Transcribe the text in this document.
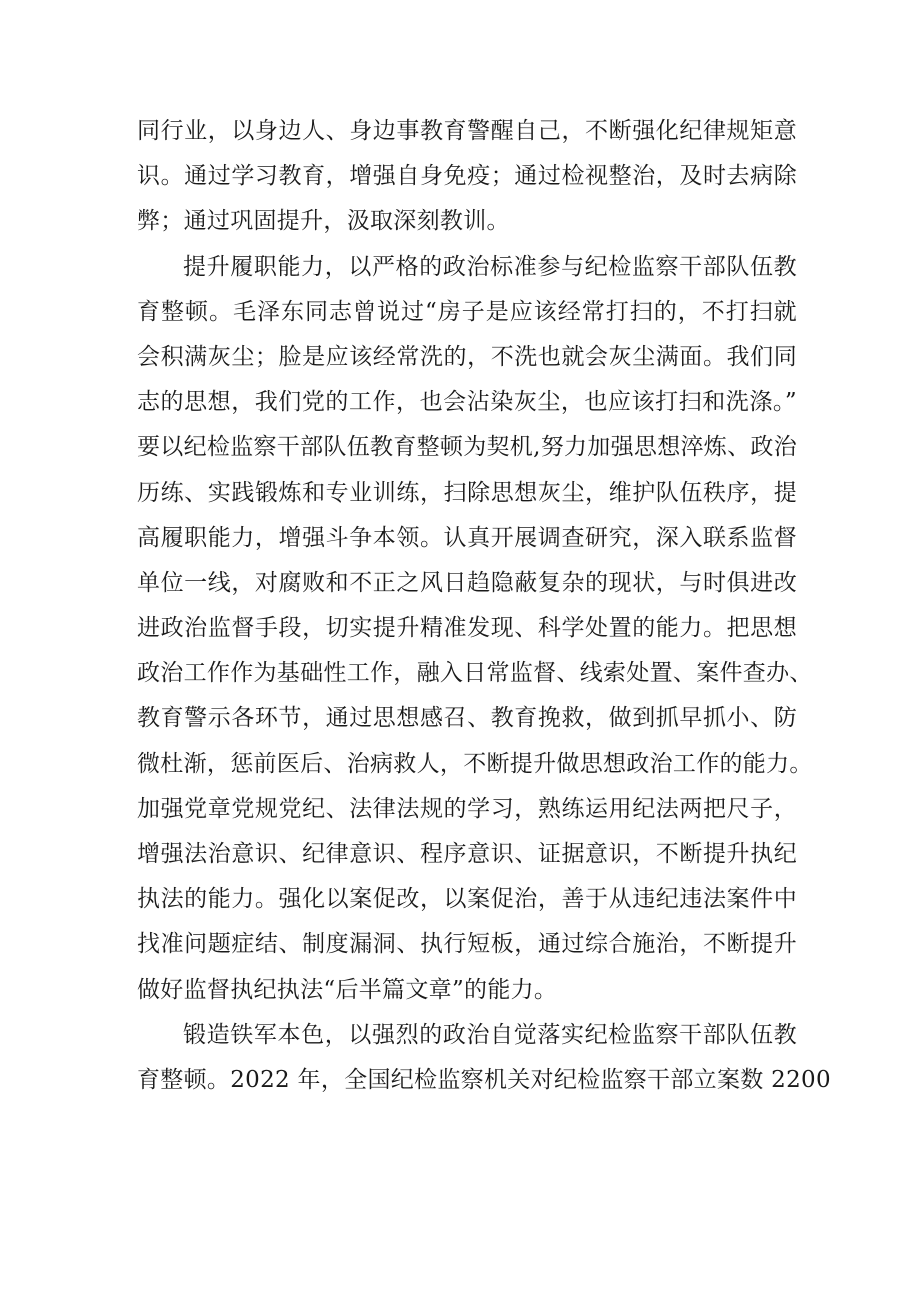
同行业，以身边人、身边事教育警醒自己，不断强化纪律规矩意
识。通过学习教育，增强自身免疫；通过检视整治，及时去病除
弊；通过巩固提升，汲取深刻教训。
提升履职能力，以严格的政治标准参与纪检监察干部队伍教
育整顿。毛泽东同志曾说过“房子是应该经常打扫的，不打扫就
会积满灰尘；脸是应该经常洗的，不洗也就会灰尘满面。我们同
志的思想，我们党的工作，也会沾染灰尘，也应该打扫和洗涤。”
要以纪检监察干部队伍教育整顿为契机,努力加强思想淬炼、政治
历练、实践锻炼和专业训练，扫除思想灰尘，维护队伍秩序，提
高履职能力，增强斗争本领。认真开展调查研究，深入联系监督
单位一线，对腐败和不正之风日趋隐蔽复杂的现状，与时俱进改
进政治监督手段，切实提升精准发现、科学处置的能力。把思想
政治工作作为基础性工作，融入日常监督、线索处置、案件查办、
教育警示各环节，通过思想感召、教育挽救，做到抓早抓小、防
微杜渐，惩前医后、治病救人，不断提升做思想政治工作的能力。
加强党章党规党纪、法律法规的学习，熟练运用纪法两把尺子，
增强法治意识、纪律意识、程序意识、证据意识，不断提升执纪
执法的能力。强化以案促改，以案促治，善于从违纪违法案件中
找准问题症结、制度漏洞、执行短板，通过综合施治，不断提升
做好监督执纪执法“后半篇文章”的能力。
锻造铁军本色，以强烈的政治自觉落实纪检监察干部队伍教
育整顿。2022 年，全国纪检监察机关对纪检监察干部立案数 2200
